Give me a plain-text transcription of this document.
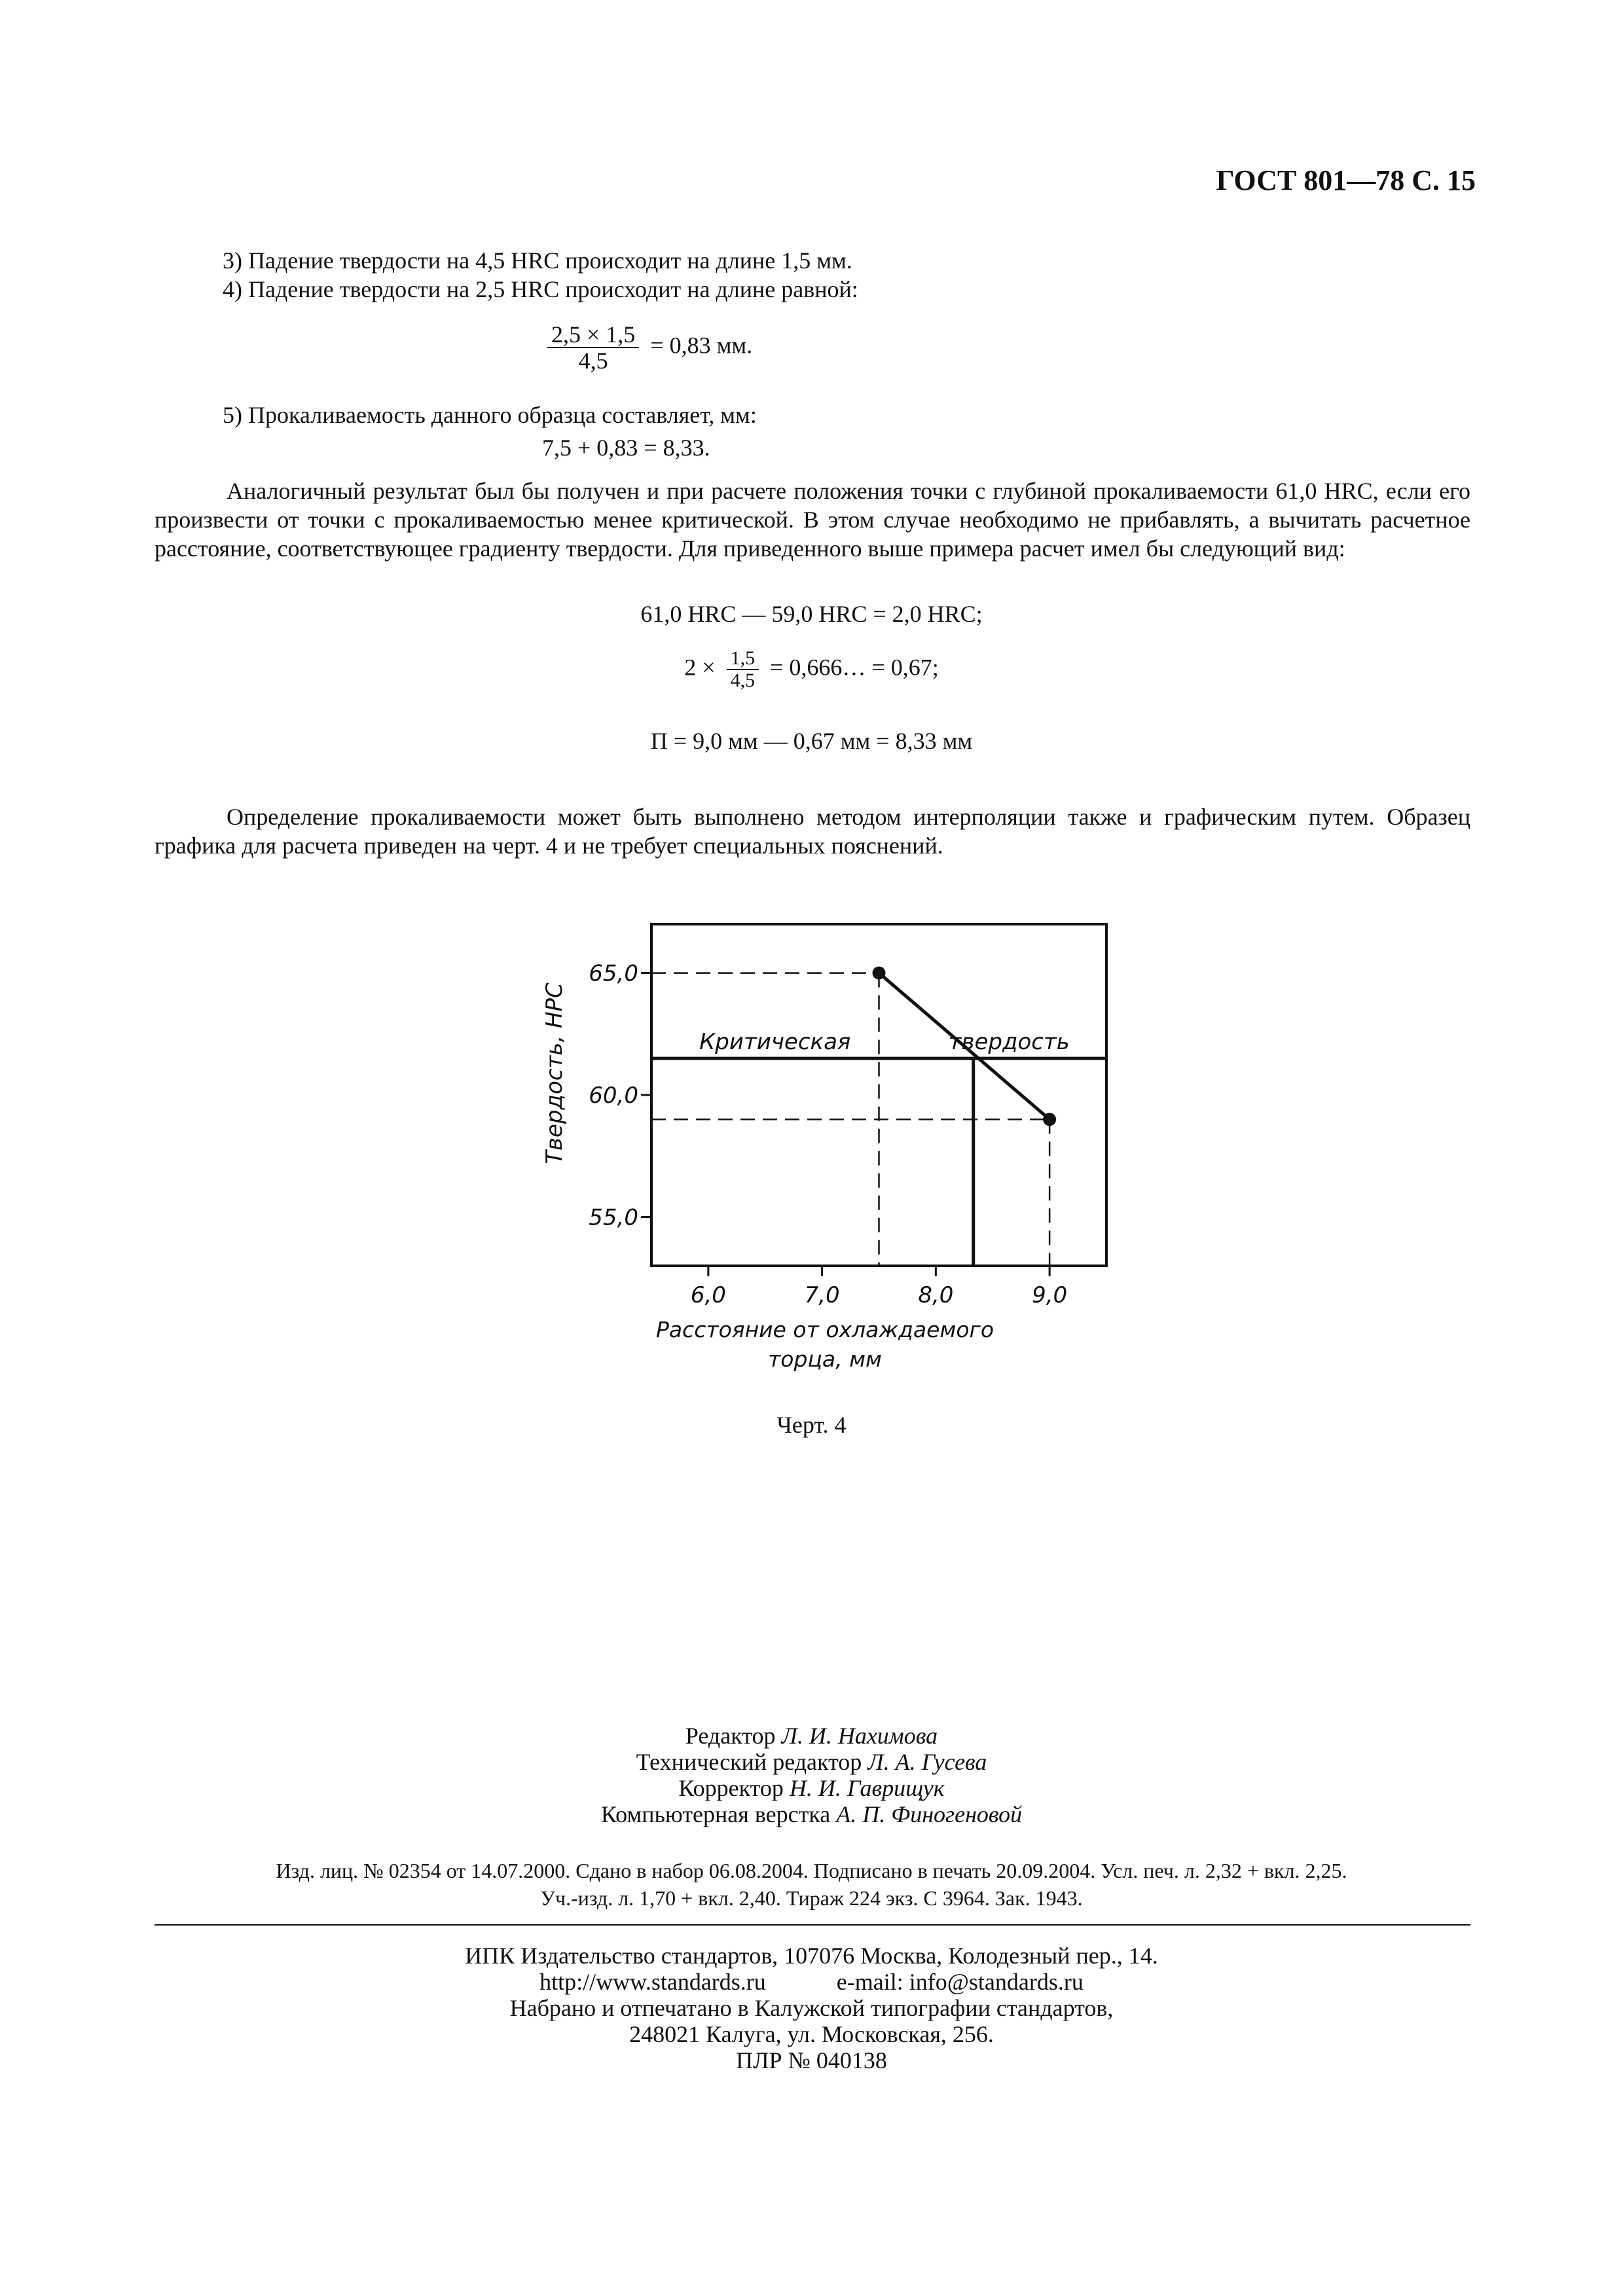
ГОСТ 801—78 С. 15
3) Падение твердости на 4,5 HRC происходит на длине 1,5 мм.
4) Падение твердости на 2,5 HRC происходит на длине равной:
$\frac{2,5 \times 1,5}{4,5} = 0,83$ мм.
5) Прокаливаемость данного образца составляет, мм:
7,5 + 0,83 = 8,33.
Аналогичный результат был бы получен и при расчете положения точки с глубиной прокаливаемости 61,0 HRC, если его произвести от точки с прокаливаемостью менее критической. В этом случае необходимо не прибавлять, а вычитать расчетное расстояние, соответствующее градиенту твердости. Для приведенного выше примера расчет имел бы следующий вид:
61,0 HRC — 59,0 HRC = 2,0 HRC;
$2 \times \frac{1,5}{4,5}$ = 0,666… = 0,67;
П = 9,0 мм — 0,67 мм = 8,33 мм
Определение прокаливаемости может быть выполнено методом интерполяции также и графическим путем. Образец графика для расчета приведен на черт. 4 и не требует специальных пояснений.
Критическая	твердость
65,0
60,0
55,0
6,0	7,0	8,0	9,0
Твердость, HPC
Расстояние от охлаждаемого
торца, мм
Черт. 4
Редактор Л. И. Нахимова
Технический редактор Л. А. Гусева
Корректор Н. И. Гаврищук
Компьютерная верстка А. П. Финогеновой
Изд. лиц. № 02354 от 14.07.2000. Сдано в набор 06.08.2004. Подписано в печать 20.09.2004. Усл. печ. л. 2,32 + вкл. 2,25.
Уч.-изд. л. 1,70 + вкл. 2,40. Тираж 224 экз. С 3964. Зак. 1943.
ИПК Издательство стандартов, 107076 Москва, Колодезный пер., 14.
http://www.standards.ru	e-mail: info@standards.ru
Набрано и отпечатано в Калужской типографии стандартов,
248021 Калуга, ул. Московская, 256.
ПЛР № 040138
